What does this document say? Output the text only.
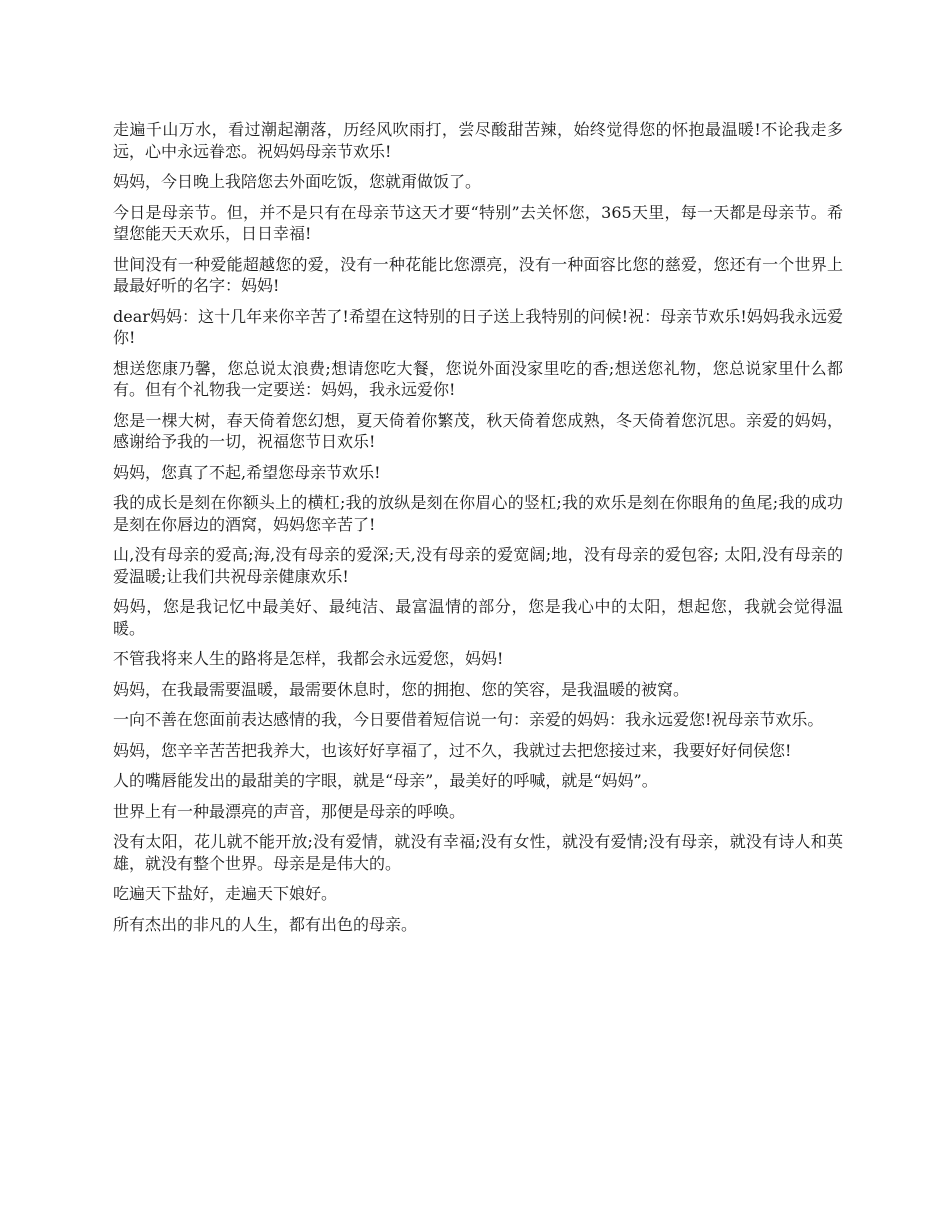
走遍千山万水，看过潮起潮落，历经风吹雨打，尝尽酸甜苦辣，始终觉得您的怀抱最温暖!不论我走多远，心中永远眷恋。祝妈妈母亲节欢乐!

妈妈，今日晚上我陪您去外面吃饭，您就甭做饭了。

今日是母亲节。但，并不是只有在母亲节这天才要“特别”去关怀您，365天里，每一天都是母亲节。希望您能天天欢乐，日日幸福!

世间没有一种爱能超越您的爱，没有一种花能比您漂亮，没有一种面容比您的慈爱，您还有一个世界上最最好听的名字：妈妈!

dear妈妈：这十几年来你辛苦了!希望在这特别的日子送上我特别的问候!祝：母亲节欢乐!妈妈我永远爱你!

想送您康乃馨，您总说太浪费;想请您吃大餐，您说外面没家里吃的香;想送您礼物，您总说家里什么都有。但有个礼物我一定要送：妈妈，我永远爱你!

您是一棵大树，春天倚着您幻想，夏天倚着你繁茂，秋天倚着您成熟，冬天倚着您沉思。亲爱的妈妈，感谢给予我的一切，祝福您节日欢乐!

妈妈，您真了不起,希望您母亲节欢乐!

我的成长是刻在你额头上的横杠;我的放纵是刻在你眉心的竖杠;我的欢乐是刻在你眼角的鱼尾;我的成功是刻在你唇边的酒窝，妈妈您辛苦了!

山,没有母亲的爱高;海,没有母亲的爱深;天,没有母亲的爱宽阔;地，没有母亲的爱包容; 太阳,没有母亲的爱温暖;让我们共祝母亲健康欢乐!

妈妈，您是我记忆中最美好、最纯洁、最富温情的部分，您是我心中的太阳，想起您，我就会觉得温暖。

不管我将来人生的路将是怎样，我都会永远爱您，妈妈!

妈妈，在我最需要温暖，最需要休息时，您的拥抱、您的笑容，是我温暖的被窝。

一向不善在您面前表达感情的我，今日要借着短信说一句：亲爱的妈妈：我永远爱您!祝母亲节欢乐。

妈妈，您辛辛苦苦把我养大，也该好好享福了，过不久，我就过去把您接过来，我要好好伺侯您!

人的嘴唇能发出的最甜美的字眼，就是“母亲”，最美好的呼喊，就是“妈妈”。

世界上有一种最漂亮的声音，那便是母亲的呼唤。

没有太阳，花儿就不能开放;没有爱情，就没有幸福;没有女性，就没有爱情;没有母亲，就没有诗人和英雄，就没有整个世界。母亲是是伟大的。

吃遍天下盐好，走遍天下娘好。

所有杰出的非凡的人生，都有出色的母亲。
